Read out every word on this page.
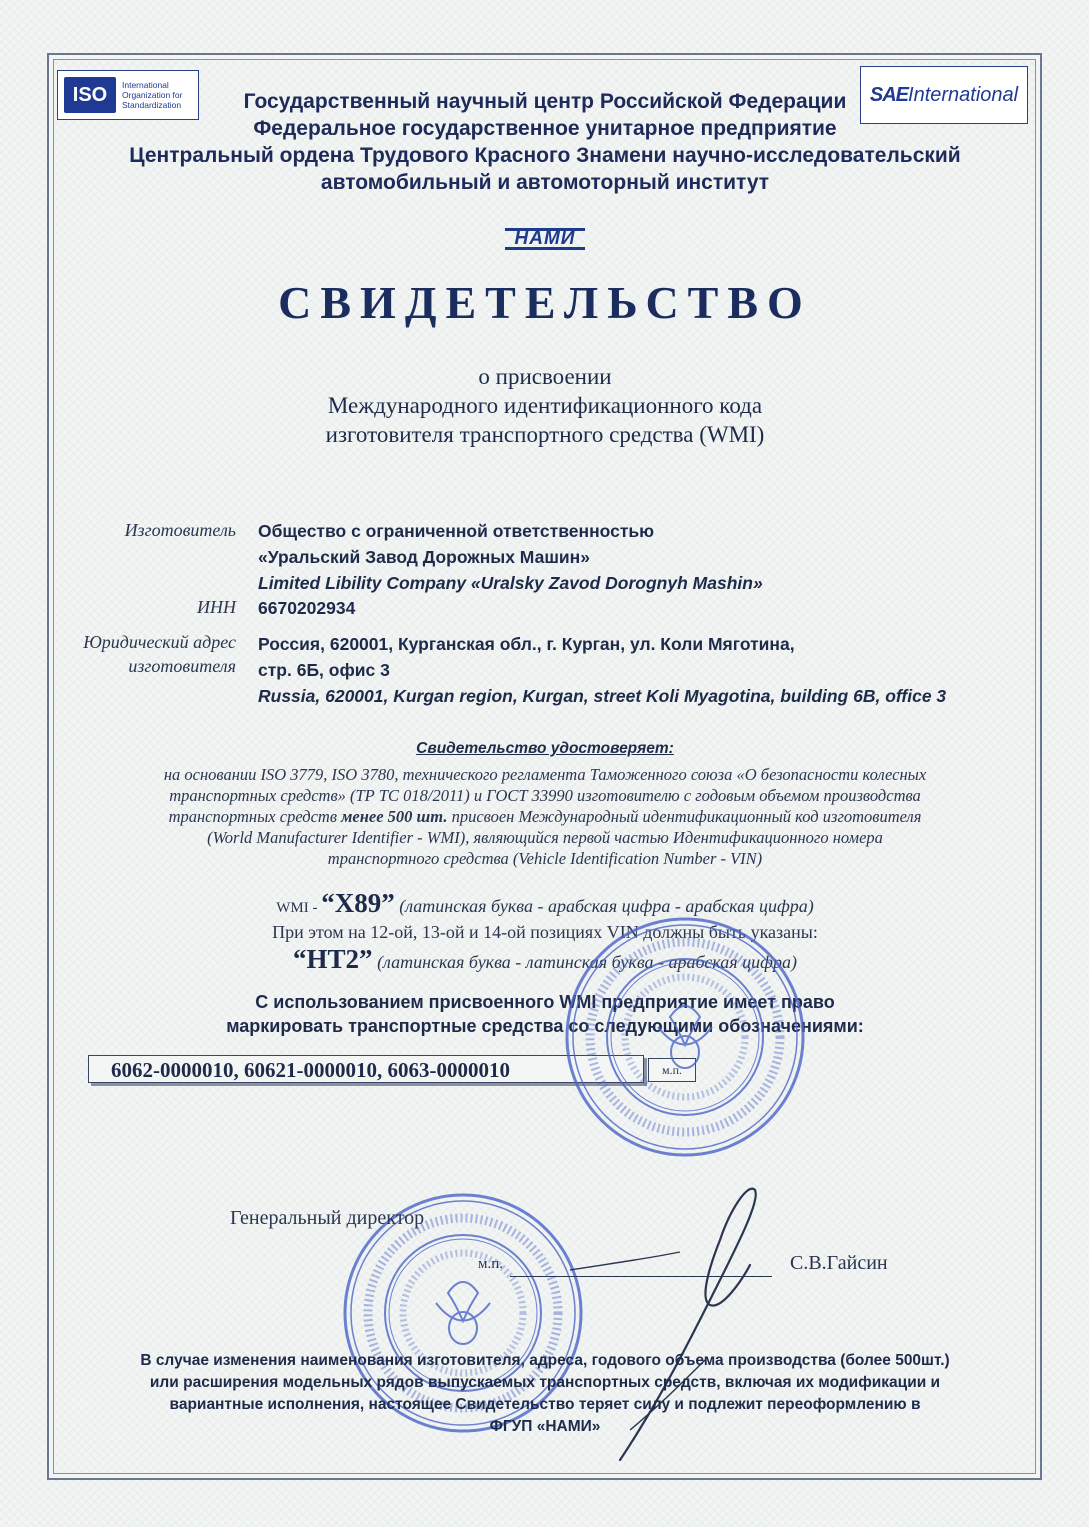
ISO	International
Organization for
Standardization	SAE International
Государственный научный центр Российской Федерации
Федеральное государственное унитарное предприятие
Центральный ордена Трудового Красного Знамени научно-исследовательский
автомобильный и автомоторный институт
НАМИ
СВИДЕТЕЛЬСТВО
о присвоении
Международного идентификационного кода
изготовителя транспортного средства (WMI)
Изготовитель Общество с ограниченной ответственностью
«Уральский Завод Дорожных Машин»
Limited Libility Company «Uralsky Zavod Dorognyh Mashin»
ИНН 6670202934
Юридический адрес
изготовителя
Россия, 620001, Курганская обл., г. Курган, ул. Коли Мяготина,
стр. 6Б, офис 3
Russia, 620001, Kurgan region, Kurgan, street Koli Myagotina, building 6B, office 3
Свидетельство удостоверяет:
на основании ISO 3779, ISO 3780, технического регламента Таможенного союза «О безопасности колесных
транспортных средств» (ТР ТС 018/2011) и ГОСТ 33990 изготовителю с годовым объемом производства
транспортных средств менее 500 шт. присвоен Международный идентификационный код изготовителя
(World Manufacturer Identifier - WMI), являющийся первой частью Идентификационного номера
транспортного средства (Vehicle Identification Number - VIN)
WMI - “X89” (латинская буква - арабская цифра - арабская цифра)
При этом на 12-ой, 13-ой и 14-ой позициях VIN должны быть указаны:
“HT2” (латинская буква - латинская буква - арабская цифра)
С использованием присвоенного WMI предприятие имеет право
маркировать транспортные средства со следующими обозначениями:
6062-0000010, 60621-0000010, 6063-0000010	м.п.
Генеральный директор
м.п.	С.В.Гайсин
В случае изменения наименования изготовителя, адреса, годового объема производства (более 500шт.)
или расширения модельных рядов выпускаемых транспортных средств, включая их модификации и
вариантные исполнения, настоящее Свидетельство теряет силу и подлежит переоформлению в
ФГУП «НАМИ»
